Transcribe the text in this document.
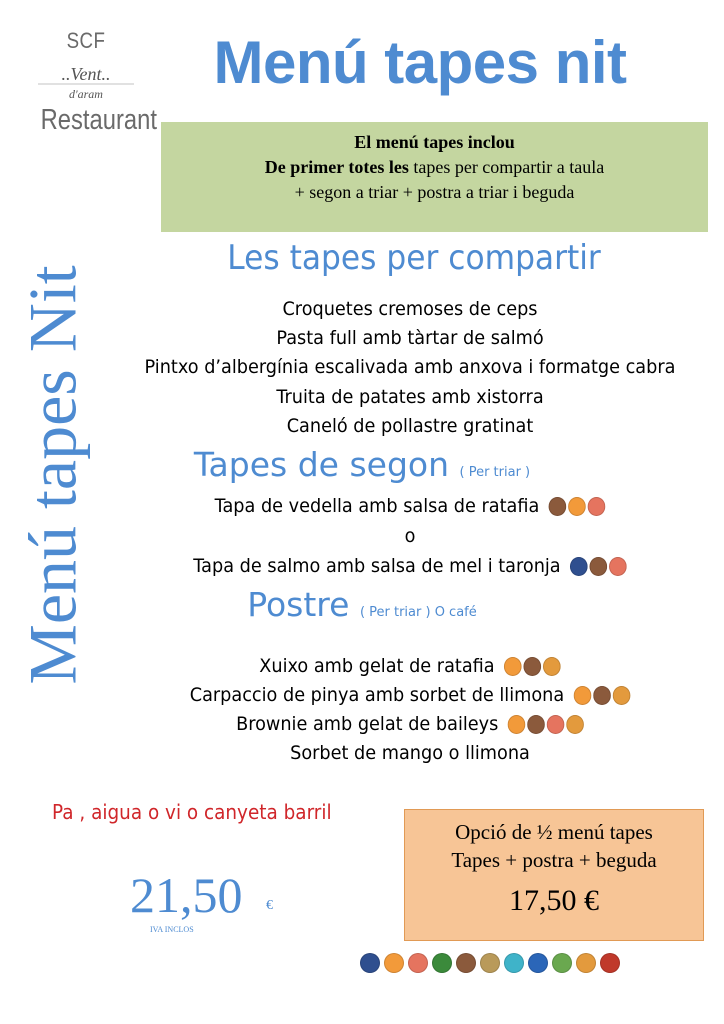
SCF
..Vent..
d'aram
Restaurant
Menú tapes nit

El menú tapes inclou

De primer totes les tapes per compartir a taula

+ segon a triar + postra a triar i beguda

Menú tapes Nit
Les tapes per compartir
Croquetes cremoses de ceps
Pasta full amb tàrtar de salmó
Pintxo d’albergínia escalivada amb anxova i formatge cabra
Truita de patates amb xistorra
Caneló de pollastre gratinat
Tapes de segon ( Per triar )
Tapa de vedella amb salsa de ratafia
o
Tapa de salmo amb salsa de mel i taronja
Postre ( Per triar ) O café
Xuixo amb gelat de ratafia
Carpaccio de pinya amb sorbet de llimona
Brownie amb gelat de baileys
Sorbet de mango o llimona
Pa , aigua o vi o canyeta barril
21,50 €
IVA INCLOS
Opció de ½ menú tapes
Tapes + postra + beguda
17,50 €
